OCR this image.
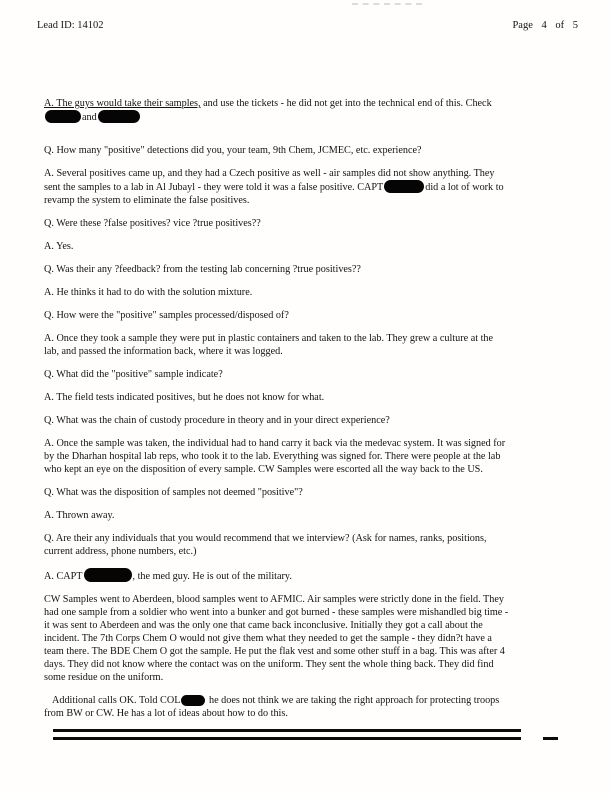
Lead ID: 14102	Page 4 of 5
A. The guys would take their samples, and use the tickets - he did not get into the technical end of this. Check
and
Q. How many "positive" detections did you, your team, 9th Chem, JCMEC, etc. experience?
A. Several positives came up, and they had a Czech positive as well - air samples did not show anything. They
sent the samples to a lab in Al Jubayl - they were told it was a false positive. CAPT	did a lot of work to
revamp the system to eliminate the false positives.
Q. Were these ?false positives? vice ?true positives??
A. Yes.
Q. Was their any ?feedback? from the testing lab concerning ?true positives??
A. He thinks it had to do with the solution mixture.
Q. How were the "positive" samples processed/disposed of?
A. Once they took a sample they were put in plastic containers and taken to the lab. They grew a culture at the
lab, and passed the information back, where it was logged.
Q. What did the "positive" sample indicate?
A. The field tests indicated positives, but he does not know for what.
Q. What was the chain of custody procedure in theory and in your direct experience?
A. Once the sample was taken, the individual had to hand carry it back via the medevac system. It was signed for
by the Dharhan hospital lab reps, who took it to the lab. Everything was signed for. There were people at the lab
who kept an eye on the disposition of every sample. CW Samples were escorted all the way back to the US.
Q. What was the disposition of samples not deemed "positive"?
A. Thrown away.
Q. Are their any individuals that you would recommend that we interview? (Ask for names, ranks, positions,
current address, phone numbers, etc.)
A. CAPT	, the med guy. He is out of the military.
CW Samples went to Aberdeen, blood samples went to AFMIC. Air samples were strictly done in the field. They
had one sample from a soldier who went into a bunker and got burned - these samples were mishandled big time -
it was sent to Aberdeen and was the only one that came back inconclusive. Initially they got a call about the
incident. The 7th Corps Chem O would not give them what they needed to get the sample - they didn?t have a
team there. The BDE Chem O got the sample. He put the flak vest and some other stuff in a bag. This was after 4
days. They did not know where the contact was on the uniform. They sent the whole thing back. They did find
some residue on the uniform.
Additional calls OK. Told COL	he does not think we are taking the right approach for protecting troops
from BW or CW. He has a lot of ideas about how to do this.
